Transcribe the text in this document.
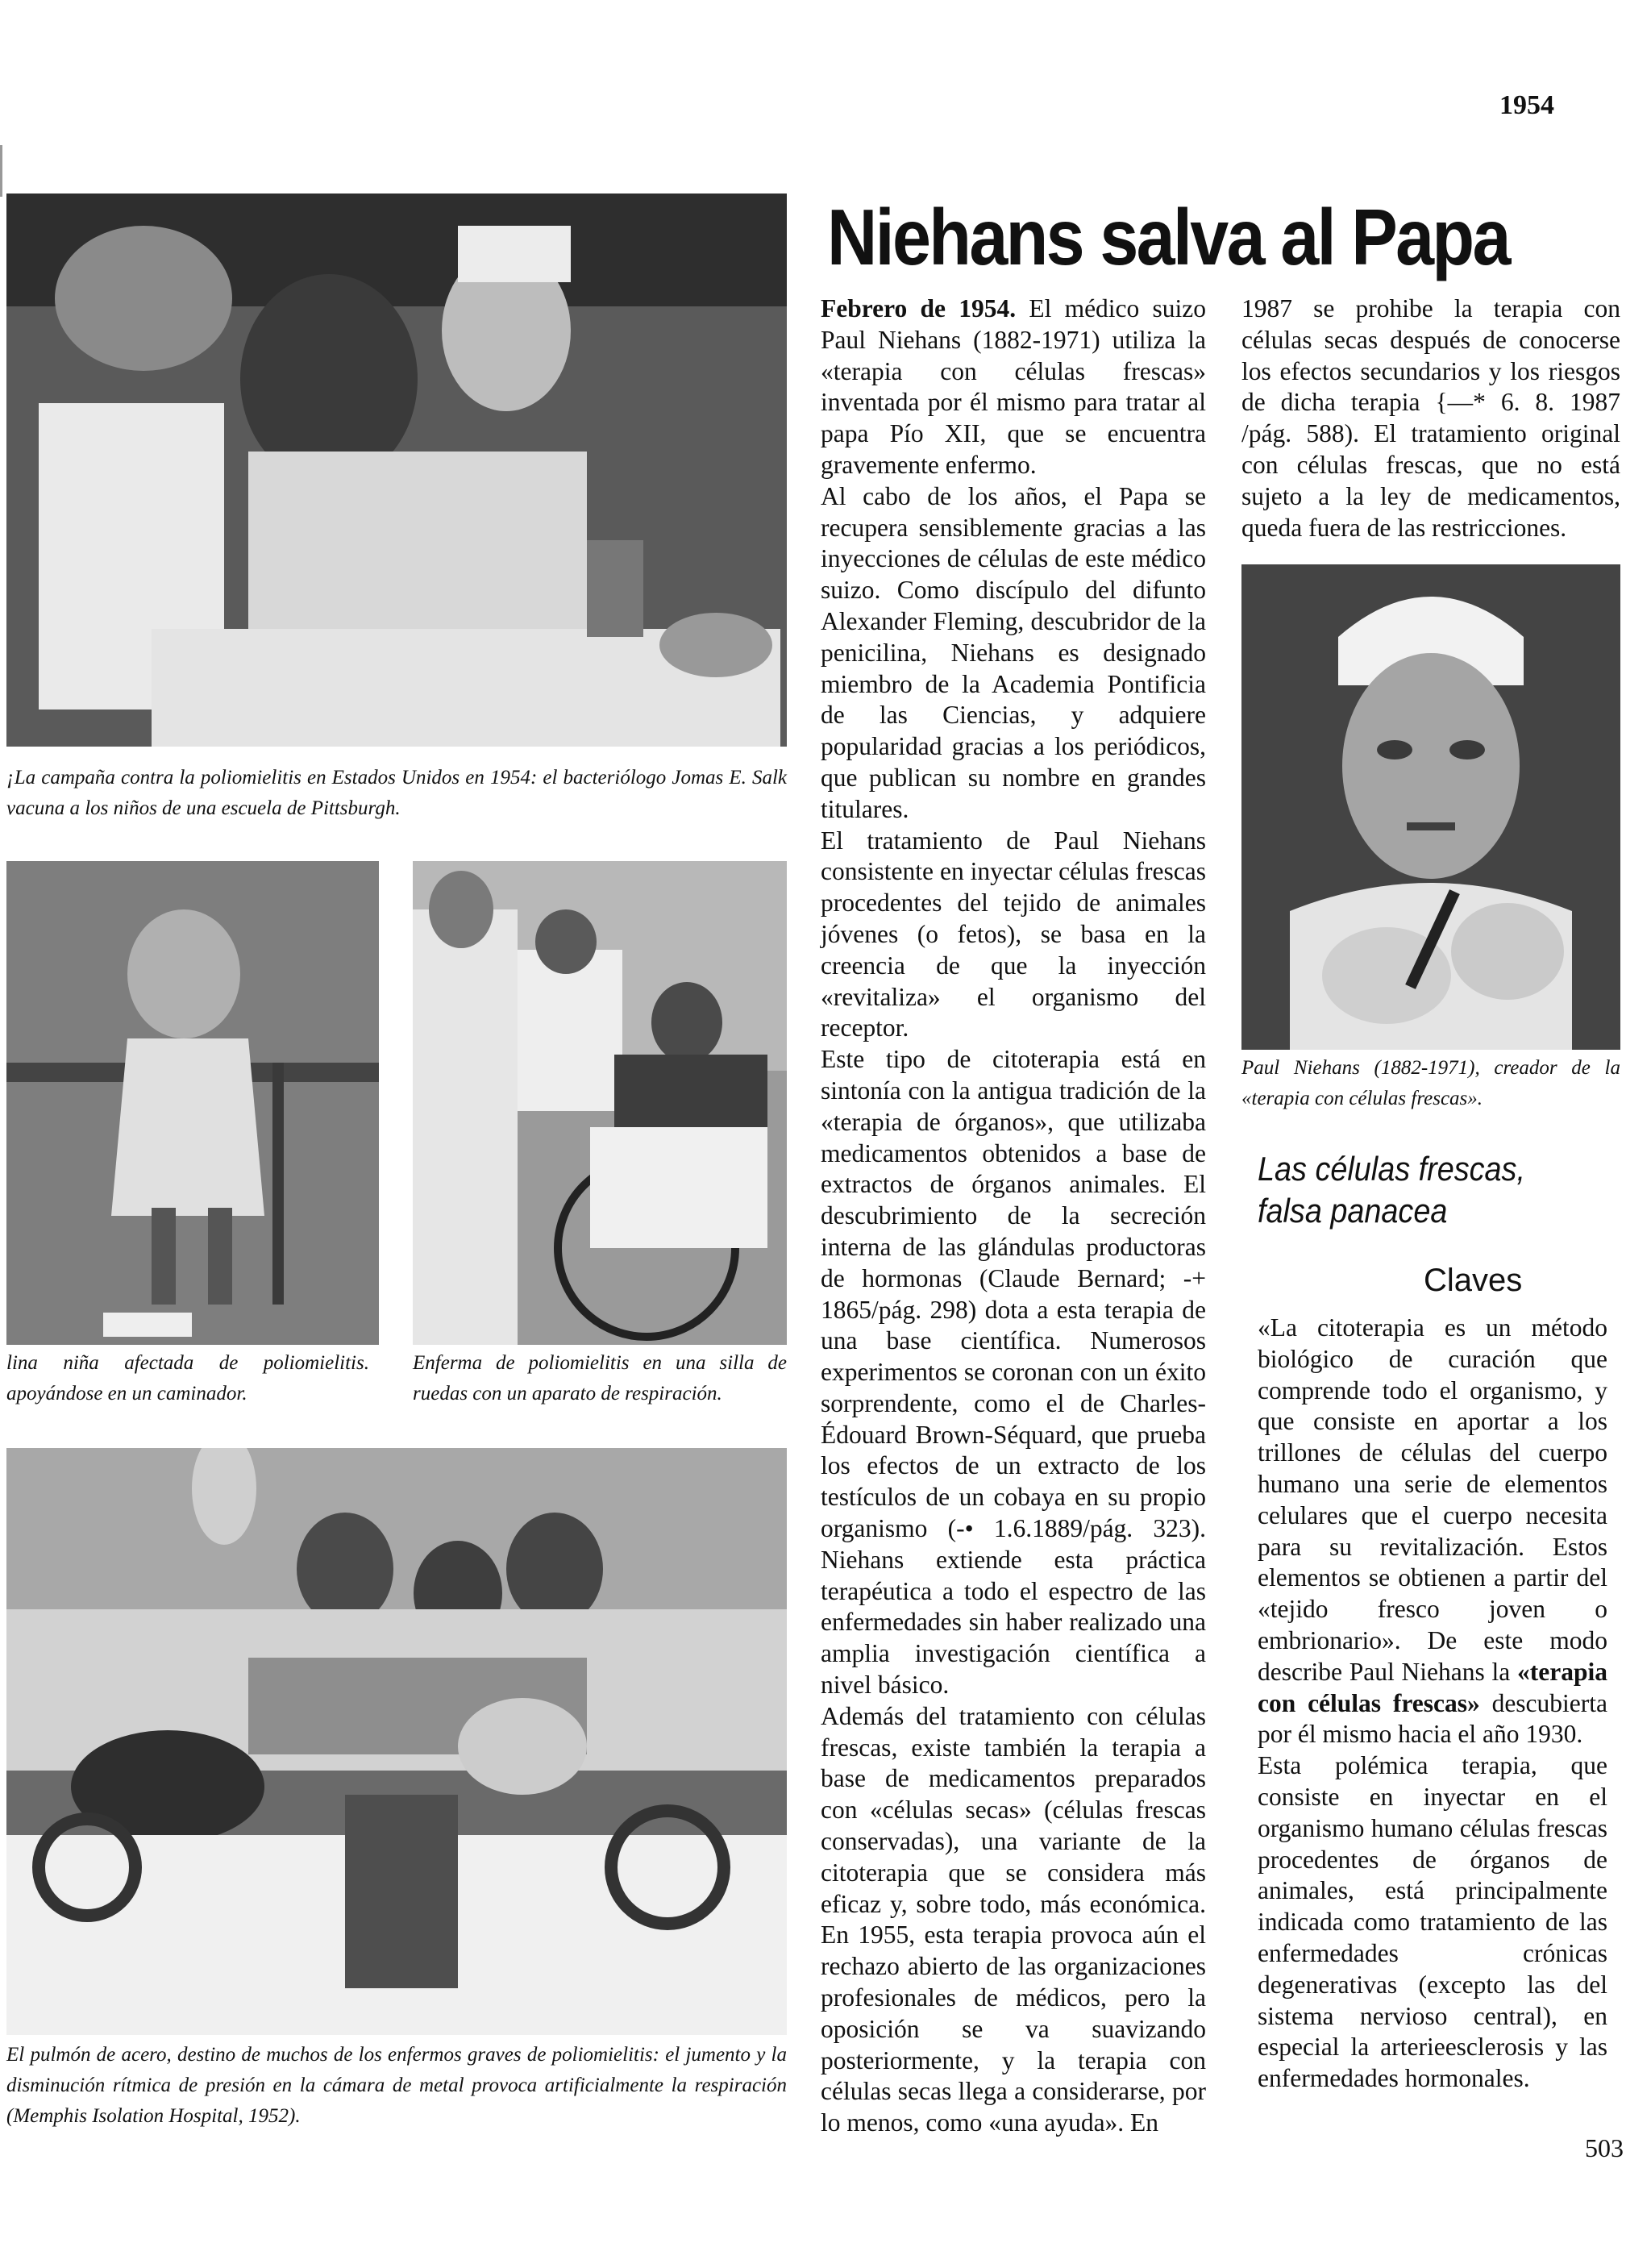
1954
Niehans salva al Papa
¡La campaña contra la poliomielitis en Estados Unidos en 1954: el bacteriólogo Jomas E. Salk vacuna a los niños de una escuela de Pittsburgh.
lina niña afectada de poliomielitis. apoyándose en un caminador.
Enferma de poliomielitis en una silla de ruedas con un aparato de respiración.
El pulmón de acero, destino de muchos de los enfermos graves de poliomielitis: el jumento y la disminución rítmica de presión en la cámara de metal provoca artificialmente la respiración (Memphis Isolation Hospital, 1952).

Febrero de 1954. El médico suizo Paul Niehans (1882-1971) utiliza la «terapia con células frescas» inventada por él mismo para tratar al papa Pío XII, que se encuentra gravemente enfermo.

Al cabo de los años, el Papa se recupera sensiblemente gracias a las inyecciones de células de este médico suizo. Como discípulo del difunto Alexander Fleming, descubridor de la penicilina, Niehans es designado miembro de la Academia Pontificia de las Ciencias, y adquiere popularidad gracias a los periódicos, que publican su nombre en grandes titulares.

El tratamiento de Paul Niehans consistente en inyectar células frescas procedentes del tejido de animales jóvenes (o fetos), se basa en la creencia de que la inyección «revitaliza» el organismo del receptor.

Este tipo de citoterapia está en sintonía con la antigua tradición de la «terapia de órganos», que utilizaba medicamentos obtenidos a base de extractos de órganos animales. El descubrimiento de la secreción interna de las glándulas productoras de hormonas (Claude Bernard; -+ 1865/pág. 298) dota a esta terapia de una base científica. Numerosos experimentos se coronan con un éxito sorprendente, como el de Charles-Édouard Brown-Séquard, que prueba los efectos de un extracto de los testículos de un cobaya en su propio organismo (-• 1.6.1889/pág. 323). Niehans extiende esta práctica terapéutica a todo el espectro de las enfermedades sin haber realizado una amplia investigación científica a nivel básico.

Además del tratamiento con células frescas, existe también la terapia a base de medicamentos preparados con «células secas» (células frescas conservadas), una variante de la citoterapia que se considera más eficaz y, sobre todo, más económica. En 1955, esta terapia provoca aún el rechazo abierto de las organizaciones profesionales de médicos, pero la oposición se va suavizando posteriormente, y la terapia con células secas llega a considerarse, por lo menos, como «una ayuda». En

1987 se prohibe la terapia con células secas después de conocerse los efectos secundarios y los riesgos de dicha terapia {—* 6. 8. 1987 /pág. 588). El tratamiento original con células frescas, que no está sujeto a la ley de medicamentos, queda fuera de las restricciones.
Paul Niehans (1882-1971), creador de la «terapia con células frescas».
Las células frescas,
falsa panacea
Claves

«La citoterapia es un método biológico de curación que comprende todo el organismo, y que consiste en aportar a los trillones de células del cuerpo humano una serie de elementos celulares que el cuerpo necesita para su revitalización. Estos elementos se obtienen a partir del «tejido fresco joven o embrionario». De este modo describe Paul Niehans la «terapia con células frescas» descubierta por él mismo hacia el año 1930.

Esta polémica terapia, que consiste en inyectar en el organismo humano células frescas procedentes de órganos de animales, está principalmente indicada como tratamiento de las enfermedades crónicas degenerativas (excepto las del sistema nervioso central), en especial la arterieesclerosis y las enfermedades hormonales.

503
